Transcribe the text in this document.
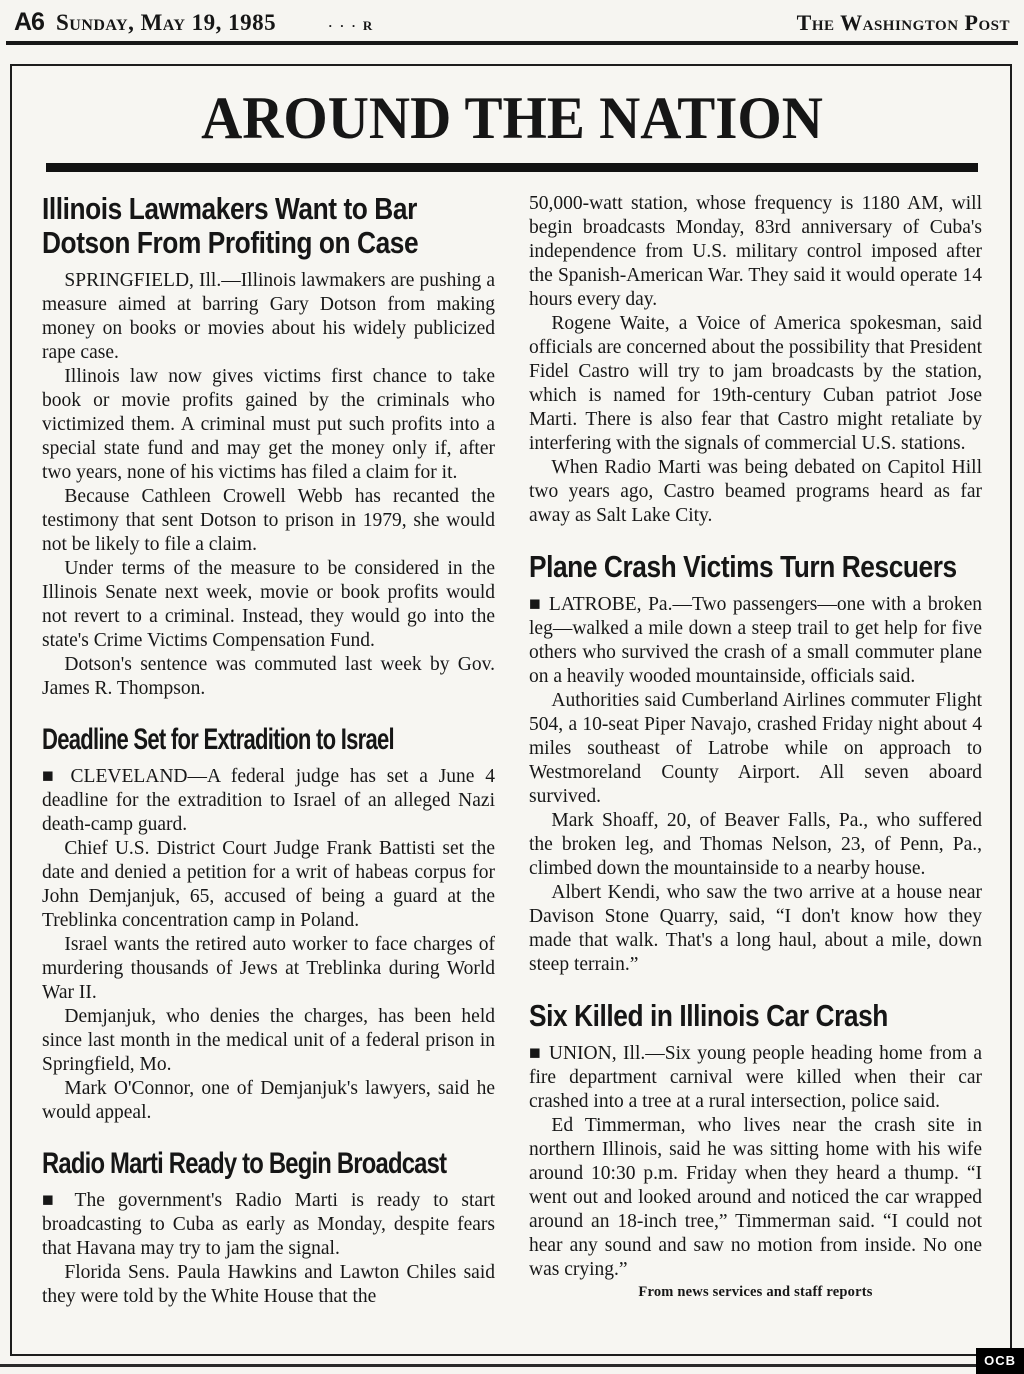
A6 Sunday, May 19, 1985	· · · R	The Washington Post
AROUND THE NATION
Illinois Lawmakers Want to Bar Dotson From Profiting on Case

SPRINGFIELD, Ill.—Illinois lawmakers are pushing a measure aimed at barring Gary Dotson from making money on books or movies about his widely publicized rape case.

Illinois law now gives victims first chance to take book or movie profits gained by the criminals who victimized them. A criminal must put such profits into a special state fund and may get the money only if, after two years, none of his victims has filed a claim for it.

Because Cathleen Crowell Webb has recanted the testimony that sent Dotson to prison in 1979, she would not be likely to file a claim.

Under terms of the measure to be considered in the Illinois Senate next week, movie or book profits would not revert to a criminal. Instead, they would go into the state's Crime Victims Compensation Fund.

Dotson's sentence was commuted last week by Gov. James R. Thompson.

Deadline Set for Extradition to Israel

■ CLEVELAND—A federal judge has set a June 4 deadline for the extradition to Israel of an alleged Nazi death-camp guard.

Chief U.S. District Court Judge Frank Battisti set the date and denied a petition for a writ of habeas corpus for John Demjanjuk, 65, accused of being a guard at the Treblinka concentration camp in Poland.

Israel wants the retired auto worker to face charges of murdering thousands of Jews at Treblinka during World War II.

Demjanjuk, who denies the charges, has been held since last month in the medical unit of a federal prison in Springfield, Mo.

Mark O'Connor, one of Demjanjuk's lawyers, said he would appeal.

Radio Marti Ready to Begin Broadcast

■ The government's Radio Marti is ready to start broadcasting to Cuba as early as Monday, despite fears that Havana may try to jam the signal.

Florida Sens. Paula Hawkins and Lawton Chiles said they were told by the White House that the

50,000-watt station, whose frequency is 1180 AM, will begin broadcasts Monday, 83rd anniversary of Cuba's independence from U.S. military control imposed after the Spanish-American War. They said it would operate 14 hours every day.

Rogene Waite, a Voice of America spokesman, said officials are concerned about the possibility that President Fidel Castro will try to jam broadcasts by the station, which is named for 19th-century Cuban patriot Jose Marti. There is also fear that Castro might retaliate by interfering with the signals of commercial U.S. stations.

When Radio Marti was being debated on Capitol Hill two years ago, Castro beamed programs heard as far away as Salt Lake City.

Plane Crash Victims Turn Rescuers

■ LATROBE, Pa.—Two passengers—one with a broken leg—walked a mile down a steep trail to get help for five others who survived the crash of a small commuter plane on a heavily wooded mountainside, officials said.

Authorities said Cumberland Airlines commuter Flight 504, a 10-seat Piper Navajo, crashed Friday night about 4 miles southeast of Latrobe while on approach to Westmoreland County Airport. All seven aboard survived.

Mark Shoaff, 20, of Beaver Falls, Pa., who suffered the broken leg, and Thomas Nelson, 23, of Penn, Pa., climbed down the mountainside to a nearby house.

Albert Kendi, who saw the two arrive at a house near Davison Stone Quarry, said, “I don't know how they made that walk. That's a long haul, about a mile, down steep terrain.”

Six Killed in Illinois Car Crash

■ UNION, Ill.—Six young people heading home from a fire department carnival were killed when their car crashed into a tree at a rural intersection, police said.

Ed Timmerman, who lives near the crash site in northern Illinois, said he was sitting home with his wife around 10:30 p.m. Friday when they heard a thump. “I went out and looked around and noticed the car wrapped around an 18-inch tree,” Timmerman said. “I could not hear any sound and saw no motion from inside. No one was crying.”

From news services and staff reports
OCB
